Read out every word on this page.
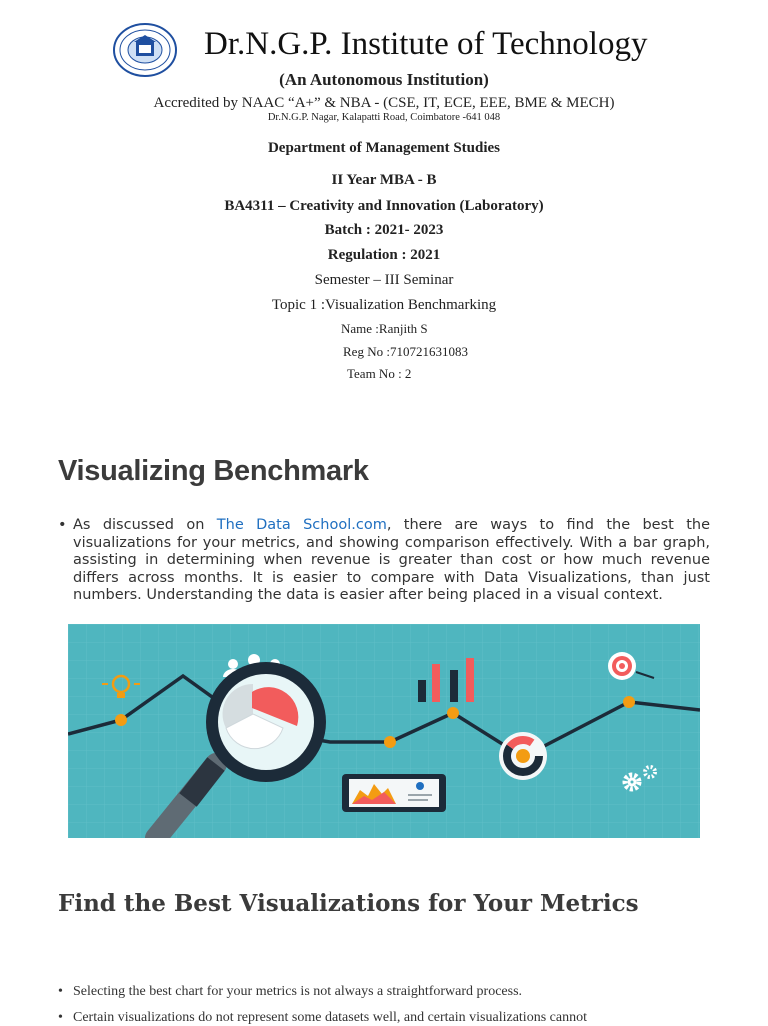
Dr.N.G.P. Institute of Technology
(An Autonomous Institution)
Accredited by NAAC “A+” & NBA - (CSE, IT, ECE, EEE, BME & MECH)
Dr.N.G.P. Nagar, Kalapatti Road, Coimbatore -641 048
Department of Management Studies
II Year MBA - B
BA4311 – Creativity and Innovation (Laboratory)
Batch : 2021- 2023
Regulation : 2021
Semester – III Seminar
Topic 1 :Visualization Benchmarking
Name :Ranjith S
Reg No :710721631083
Team No : 2
Visualizing Benchmark
• As discussed on The Data School.com, there are ways to find the best the visualizations for your metrics, and showing comparison effectively. With a bar graph, assisting in determining when revenue is greater than cost or how much revenue differs across months. It is easier to compare with Data Visualizations, than just numbers. Understanding the data is easier after being placed in a visual context.
Find the Best Visualizations for Your Metrics
• Selecting the best chart for your metrics is not always a straightforward process.
• Certain visualizations do not represent some datasets well, and certain visualizations cannot
